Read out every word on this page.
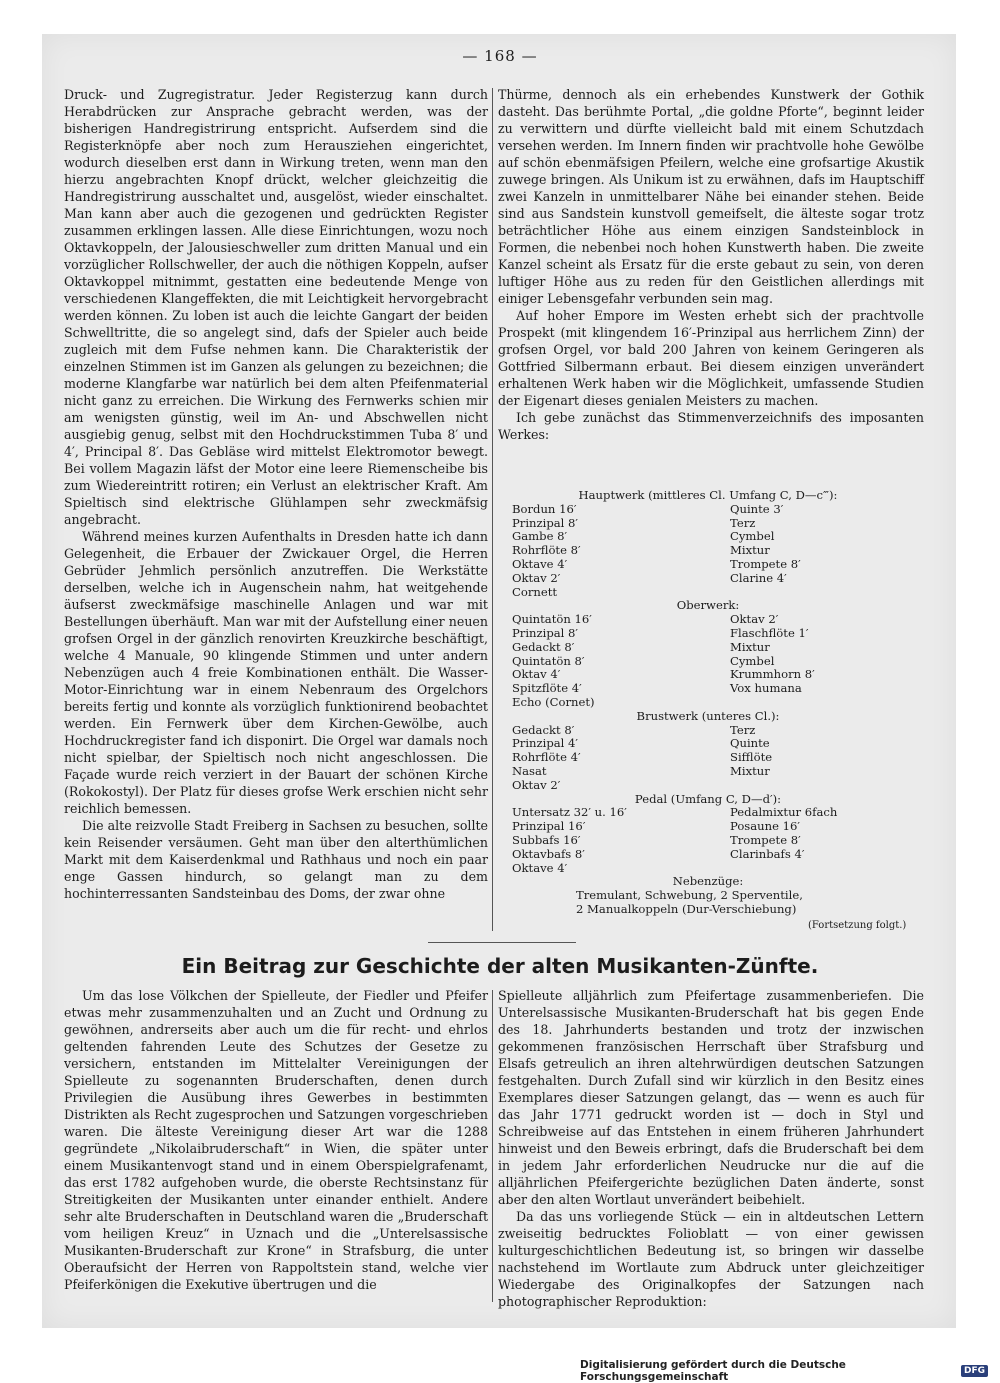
— 168 —

Druck- und Zugregistratur. Jeder Registerzug kann durch Herabdrücken zur Ansprache gebracht werden, was der bisherigen Handregistrirung entspricht. Aufserdem sind die Registerknöpfe aber noch zum Herausziehen eingerichtet, wodurch dieselben erst dann in Wirkung treten, wenn man den hierzu angebrachten Knopf drückt, welcher gleichzeitig die Handregistrirung ausschaltet und, ausgelöst, wieder einschaltet. Man kann aber auch die gezogenen und gedrückten Register zusammen erklingen lassen. Alle diese Einrichtungen, wozu noch Oktavkoppeln, der Jalousieschweller zum dritten Manual und ein vorzüglicher Rollschweller, der auch die nöthigen Koppeln, aufser Oktavkoppel mitnimmt, gestatten eine bedeutende Menge von verschiedenen Klangeffekten, die mit Leichtigkeit hervorgebracht werden können. Zu loben ist auch die leichte Gangart der beiden Schwelltritte, die so angelegt sind, dafs der Spieler auch beide zugleich mit dem Fufse nehmen kann. Die Charakteristik der einzelnen Stimmen ist im Ganzen als gelungen zu bezeichnen; die moderne Klangfarbe war natürlich bei dem alten Pfeifenmaterial nicht ganz zu erreichen. Die Wirkung des Fernwerks schien mir am wenigsten günstig, weil im An- und Abschwellen nicht ausgiebig genug, selbst mit den Hochdruckstimmen Tuba 8′ und 4′, Principal 8′. Das Gebläse wird mittelst Elektromotor bewegt. Bei vollem Magazin läfst der Motor eine leere Riemenscheibe bis zum Wiedereintritt rotiren; ein Verlust an elektrischer Kraft. Am Spieltisch sind elektrische Glühlampen sehr zweckmäfsig angebracht.

Während meines kurzen Aufenthalts in Dresden hatte ich dann Gelegenheit, die Erbauer der Zwickauer Orgel, die Herren Gebrüder Jehmlich persönlich anzutreffen. Die Werkstätte derselben, welche ich in Augenschein nahm, hat weitgehende äufserst zweckmäfsige maschinelle Anlagen und war mit Bestellungen überhäuft. Man war mit der Aufstellung einer neuen grofsen Orgel in der gänzlich renovirten Kreuzkirche beschäftigt, welche 4 Manuale, 90 klingende Stimmen und unter andern Nebenzügen auch 4 freie Kombinationen enthält. Die Wasser-Motor-Einrichtung war in einem Nebenraum des Orgelchors bereits fertig und konnte als vorzüglich funktionirend beobachtet werden. Ein Fernwerk über dem Kirchen-Gewölbe, auch Hochdruckregister fand ich disponirt. Die Orgel war damals noch nicht spielbar, der Spieltisch noch nicht angeschlossen. Die Façade wurde reich verziert in der Bauart der schönen Kirche (Rokokostyl). Der Platz für dieses grofse Werk erschien nicht sehr reichlich bemessen.

Die alte reizvolle Stadt Freiberg in Sachsen zu besuchen, sollte kein Reisender versäumen. Geht man über den alterthümlichen Markt mit dem Kaiserdenkmal und Rathhaus und noch ein paar enge Gassen hindurch, so gelangt man zu dem hochinterressanten Sandsteinbau des Doms, der zwar ohne

Thürme, dennoch als ein erhebendes Kunstwerk der Gothik dasteht. Das berühmte Portal, „die goldne Pforte“, beginnt leider zu verwittern und dürfte vielleicht bald mit einem Schutzdach versehen werden. Im Innern finden wir prachtvolle hohe Gewölbe auf schön ebenmäfsigen Pfeilern, welche eine grofsartige Akustik zuwege bringen. Als Unikum ist zu erwähnen, dafs im Hauptschiff zwei Kanzeln in unmittelbarer Nähe bei einander stehen. Beide sind aus Sandstein kunstvoll gemeifselt, die älteste sogar trotz beträchtlicher Höhe aus einem einzigen Sandsteinblock in Formen, die nebenbei noch hohen Kunstwerth haben. Die zweite Kanzel scheint als Ersatz für die erste gebaut zu sein, von deren luftiger Höhe aus zu reden für den Geistlichen allerdings mit einiger Lebensgefahr verbunden sein mag.

Auf hoher Empore im Westen erhebt sich der prachtvolle Prospekt (mit klingendem 16′-Prinzipal aus herrlichem Zinn) der grofsen Orgel, vor bald 200 Jahren von keinem Geringeren als Gottfried Silbermann erbaut. Bei diesem einzigen unverändert erhaltenen Werk haben wir die Möglichkeit, umfassende Studien der Eigenart dieses genialen Meisters zu machen.

Ich gebe zunächst das Stimmenverzeichnifs des imposanten Werkes:

Hauptwerk (mittleres Cl. Umfang C, D—c‴):
Bordun 16′	Quinte 3′
Prinzipal 8′	Terz
Gambe 8′	Cymbel
Rohrflöte 8′	Mixtur
Oktave 4′	Trompete 8′
Oktav 2′	Clarine 4′
Cornett
Oberwerk:
Quintatön 16′	Oktav 2′
Prinzipal 8′	Flaschflöte 1′
Gedackt 8′	Mixtur
Quintatön 8′	Cymbel
Oktav 4′	Krummhorn 8′
Spitzflöte 4′	Vox humana
Echo (Cornet)
Brustwerk (unteres Cl.):
Gedackt 8′	Terz
Prinzipal 4′	Quinte
Rohrflöte 4′	Sifflöte
Nasat	Mixtur
Oktav 2′
Pedal (Umfang C, D—d′):
Untersatz 32′ u. 16′	Pedalmixtur 6fach
Prinzipal 16′	Posaune 16′
Subbafs 16′	Trompete 8′
Oktavbafs 8′	Clarinbafs 4′
Oktave 4′
Nebenzüge:
Tremulant, Schwebung, 2 Sperventile,
2 Manualkoppeln (Dur-Verschiebung)
(Fortsetzung folgt.)
Ein Beitrag zur Geschichte der alten Musikanten-Zünfte.

Um das lose Völkchen der Spielleute, der Fiedler und Pfeifer etwas mehr zusammenzuhalten und an Zucht und Ordnung zu gewöhnen, andrerseits aber auch um die für recht- und ehrlos geltenden fahrenden Leute des Schutzes der Gesetze zu versichern, entstanden im Mittelalter Vereinigungen der Spielleute zu sogenannten Bruderschaften, denen durch Privilegien die Ausübung ihres Gewerbes in bestimmten Distrikten als Recht zugesprochen und Satzungen vorgeschrieben waren. Die älteste Vereinigung dieser Art war die 1288 gegründete „Nikolaibruderschaft“ in Wien, die später unter einem Musikantenvogt stand und in einem Oberspielgrafenamt, das erst 1782 aufgehoben wurde, die oberste Rechtsinstanz für Streitigkeiten der Musikanten unter einander enthielt. Andere sehr alte Bruderschaften in Deutschland waren die „Bruderschaft vom heiligen Kreuz“ in Uznach und die „Unterelsassische Musikanten-Bruderschaft zur Krone“ in Strafsburg, die unter Oberaufsicht der Herren von Rappoltstein stand, welche vier Pfeiferkönigen die Exekutive übertrugen und die

Spielleute alljährlich zum Pfeifertage zusammenberiefen. Die Unterelsassische Musikanten-Bruderschaft hat bis gegen Ende des 18. Jahrhunderts bestanden und trotz der inzwischen gekommenen französischen Herrschaft über Strafsburg und Elsafs getreulich an ihren altehrwürdigen deutschen Satzungen festgehalten. Durch Zufall sind wir kürzlich in den Besitz eines Exemplares dieser Satzungen gelangt, das — wenn es auch für das Jahr 1771 gedruckt worden ist — doch in Styl und Schreibweise auf das Entstehen in einem früheren Jahrhundert hinweist und den Beweis erbringt, dafs die Bruderschaft bei dem in jedem Jahr erforderlichen Neudrucke nur die auf die alljährlichen Pfeifergerichte bezüglichen Daten änderte, sonst aber den alten Wortlaut unverändert beibehielt.

Da das uns vorliegende Stück — ein in altdeutschen Lettern zweiseitig bedrucktes Folioblatt — von einer gewissen kulturgeschichtlichen Bedeutung ist, so bringen wir dasselbe nachstehend im Wortlaute zum Abdruck unter gleichzeitiger Wiedergabe des Originalkopfes der Satzungen nach photographischer Reproduktion:

Digitalisierung gefördert durch die Deutsche Forschungsgemeinschaft	DFG
